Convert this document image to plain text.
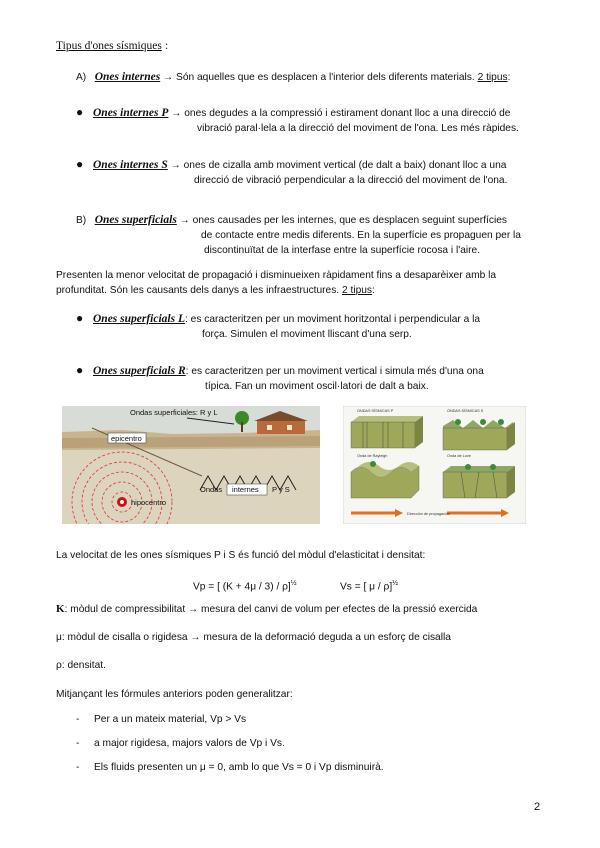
Tipus d'ones sísmiques :
A) Ones internes → Són aquelles que es desplacen a l'interior dels diferents materials. 2 tipus:
● Ones internes P → ones degudes a la compressió i estirament donant lloc a una direcció de
vibració paral·lela a la direcció del moviment de l'ona. Les més ràpides.
● Ones internes S → ones de cizalla amb moviment vertical (de dalt a baix) donant lloc a una
direcció de vibració perpendicular a la direcció del moviment de l'ona.
B) Ones superficials → ones causades per les internes, que es desplacen seguint superfícies
de contacte entre medis diferents. En la superfície es propaguen per la
discontinuïtat de la interfase entre la superfície rocosa i l'aire.
Presenten la menor velocitat de propagació i disminueixen ràpidament fins a desaparèixer amb la
profunditat. Són les causants dels danys a les infraestructures. 2 tipus:
● Ones superficials L: es caracteritzen per un moviment horitzontal i perpendicular a la
força. Simulen el moviment lliscant d'una serp.
● Ones superficials R: es caracteritzen per un moviment vertical i simula més d'una ona
típica. Fan un moviment oscil·latori de dalt a baix.
Ondas superficiales: R y L
epicentro
hipocentro
Ondas internes P y S
ONDAS SÍSMICAS P	ONDAS SÍSMICAS S
Onda de Rayleigh	Onda de Love
Dirección de propagación
La velocitat de les ones sísmiques P i S és funció del mòdul d'elasticitat i densitat:
Vp = [ (K + 4μ / 3) / ρ]$^{\frac{1}{2}}$	Vs = [ μ / ρ]$^{\frac{1}{2}}$
K: mòdul de compressibilitat → mesura del canvi de volum per efectes de la pressió exercida
μ: mòdul de cisalla o rigidesa → mesura de la deformació deguda a un esforç de cisalla
ρ: densitat.
Mitjançant les fórmules anteriors poden generalitzar:
- Per a un mateix material, Vp > Vs
- a major rigidesa, majors valors de Vp i Vs.
- Els fluids presenten un μ = 0, amb lo que Vs = 0 i Vp disminuirà.
2
